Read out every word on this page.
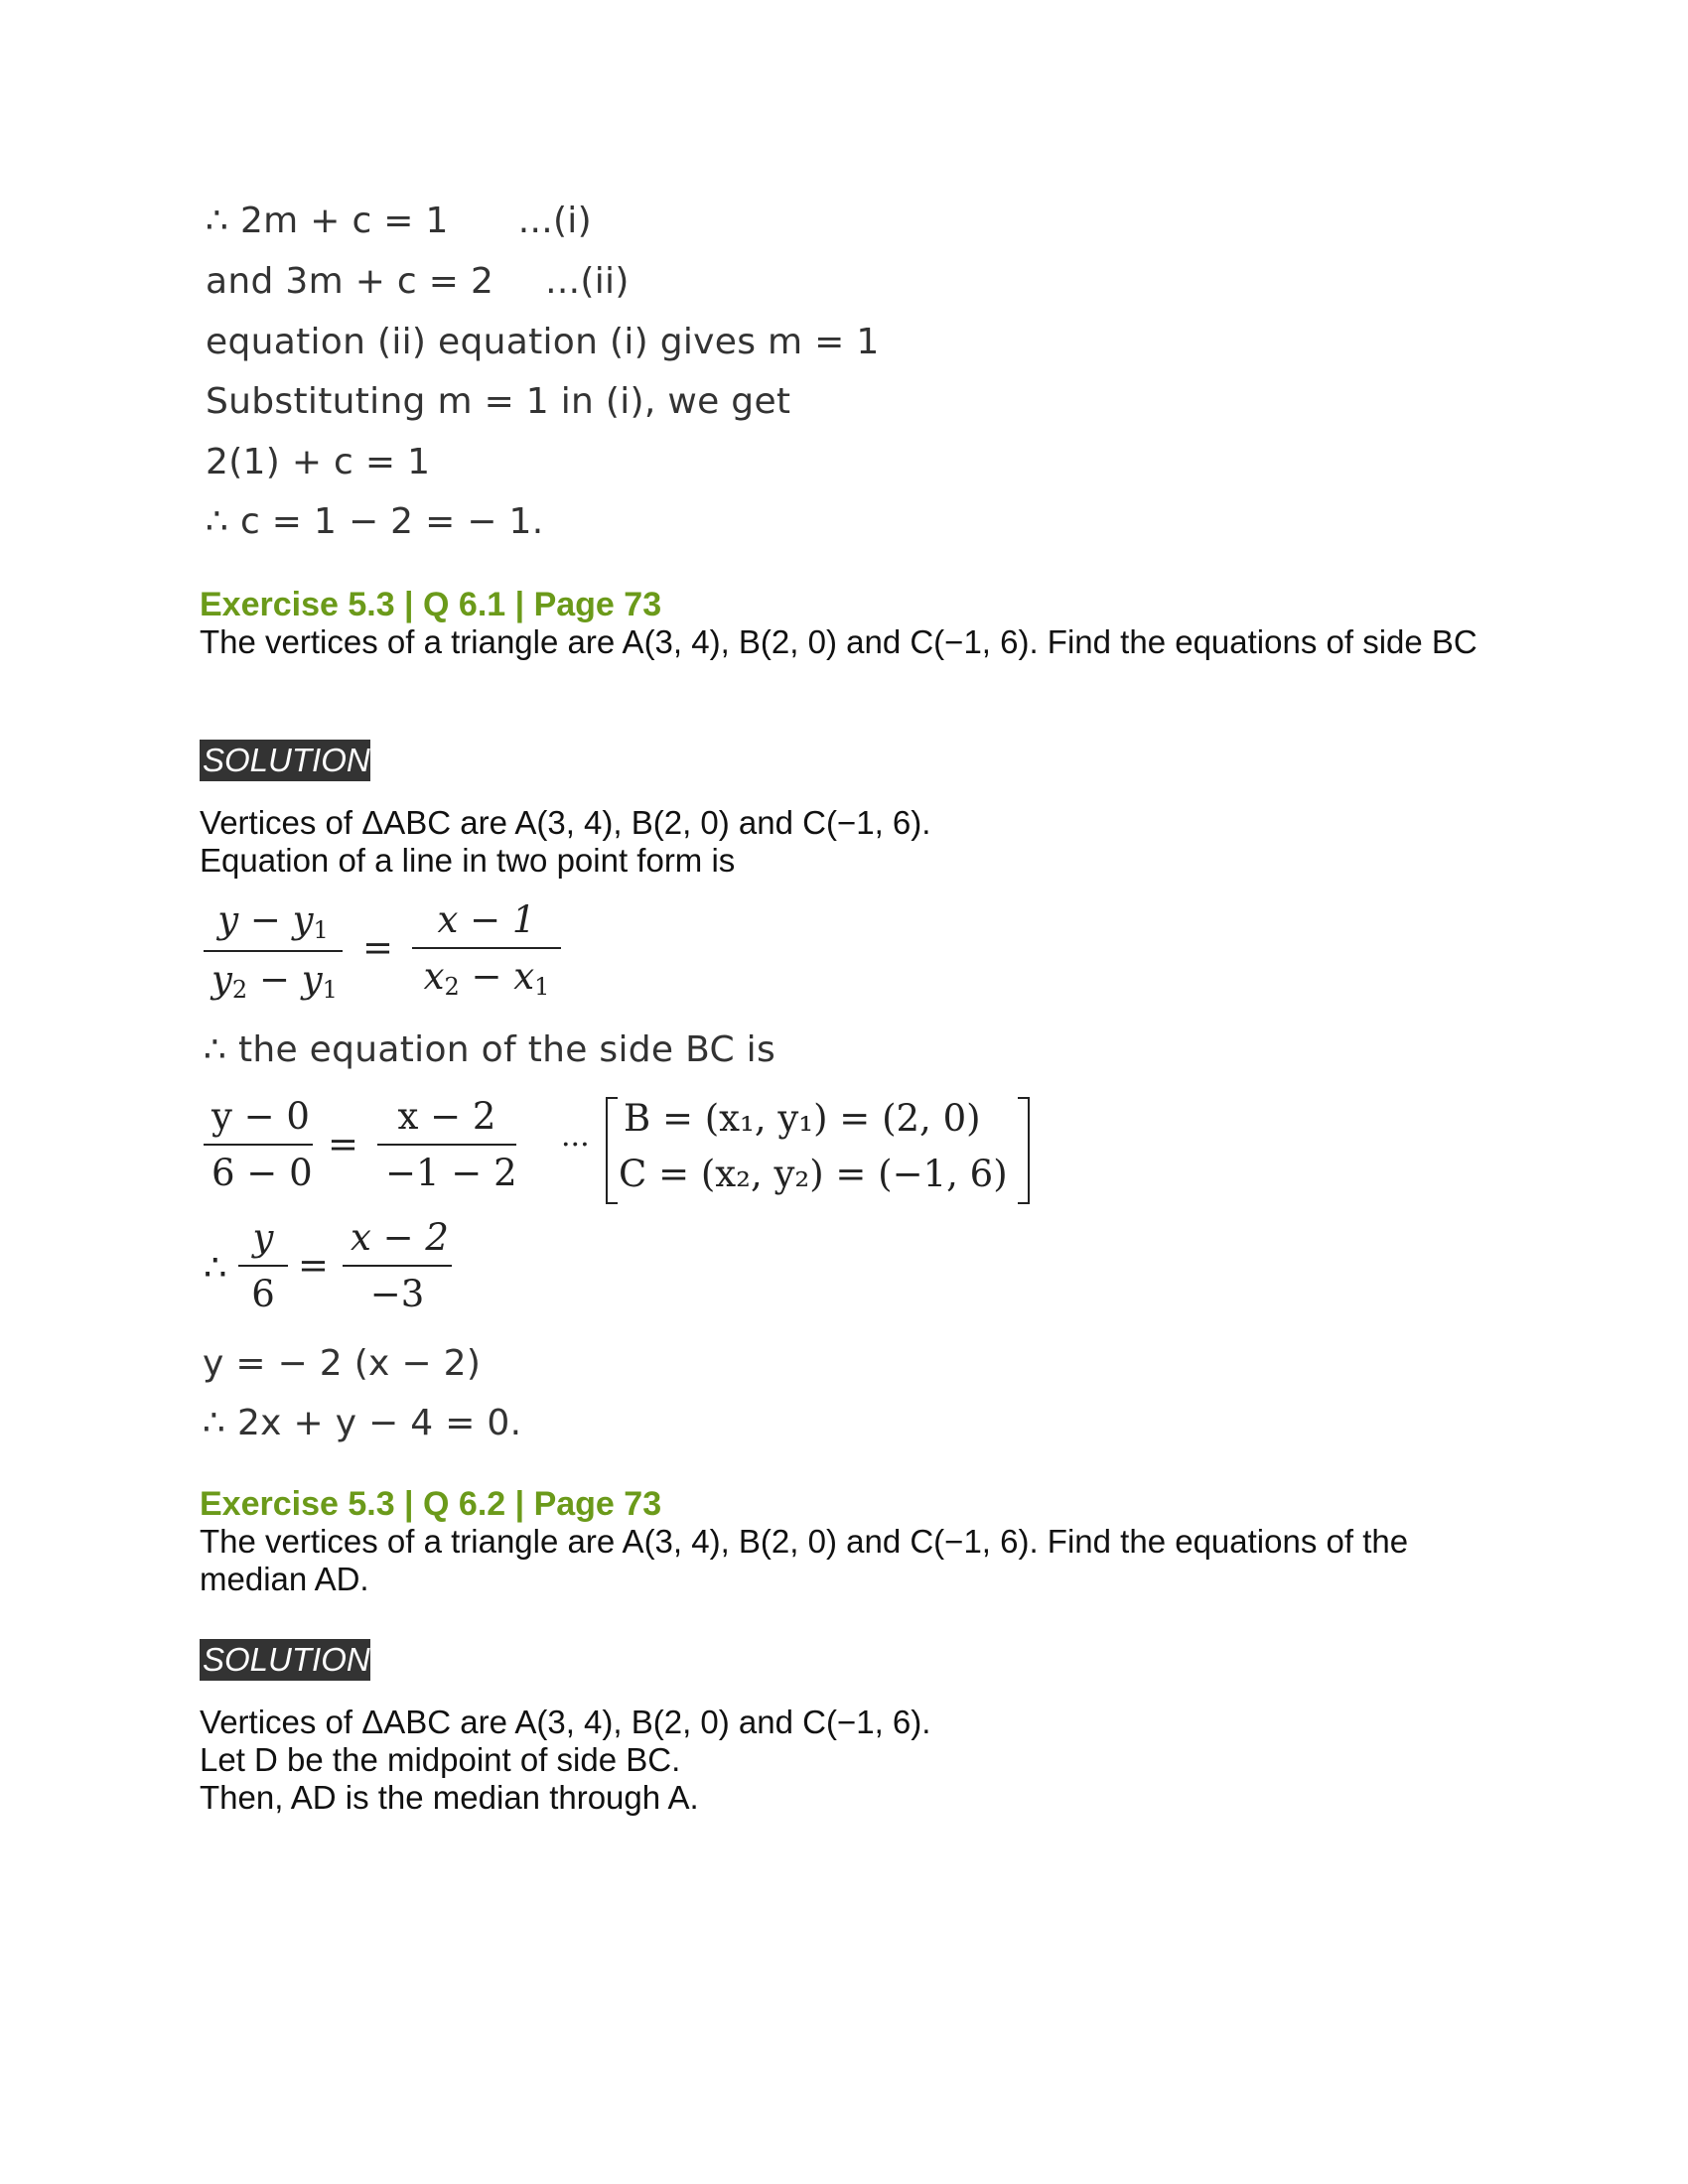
∴ 2m + c = 1 ...(i)
and 3m + c = 2 ...(ii)
equation (ii) equation (i) gives m = 1
Substituting m = 1 in (i), we get
2(1) + c = 1
∴ c = 1 − 2 = − 1.
Exercise 5.3 | Q 6.1 | Page 73
The vertices of a triangle are A(3, 4), B(2, 0) and C(−1, 6). Find the equations of side BC
SOLUTION
Vertices of ΔABC are A(3, 4), B(2, 0) and C(−1, 6).
Equation of a line in two point form is
$y - y_1$
$y_2 - y_1$
=
x − 1
$x_2 - x_1$
∴ the equation of the side BC is
y − 0
6 − 0
=
x − 2
−1 − 2
... B = (x₁, y₁) = (2, 0)
C = (x₂, y₂) = (−1, 6)
∴
y
6
=
x − 2
−3
y = − 2 (x − 2)
∴ 2x + y − 4 = 0.
Exercise 5.3 | Q 6.2 | Page 73
The vertices of a triangle are A(3, 4), B(2, 0) and C(−1, 6). Find the equations of the median AD.
SOLUTION
Vertices of ΔABC are A(3, 4), B(2, 0) and C(−1, 6).
Let D be the midpoint of side BC.
Then, AD is the median through A.
